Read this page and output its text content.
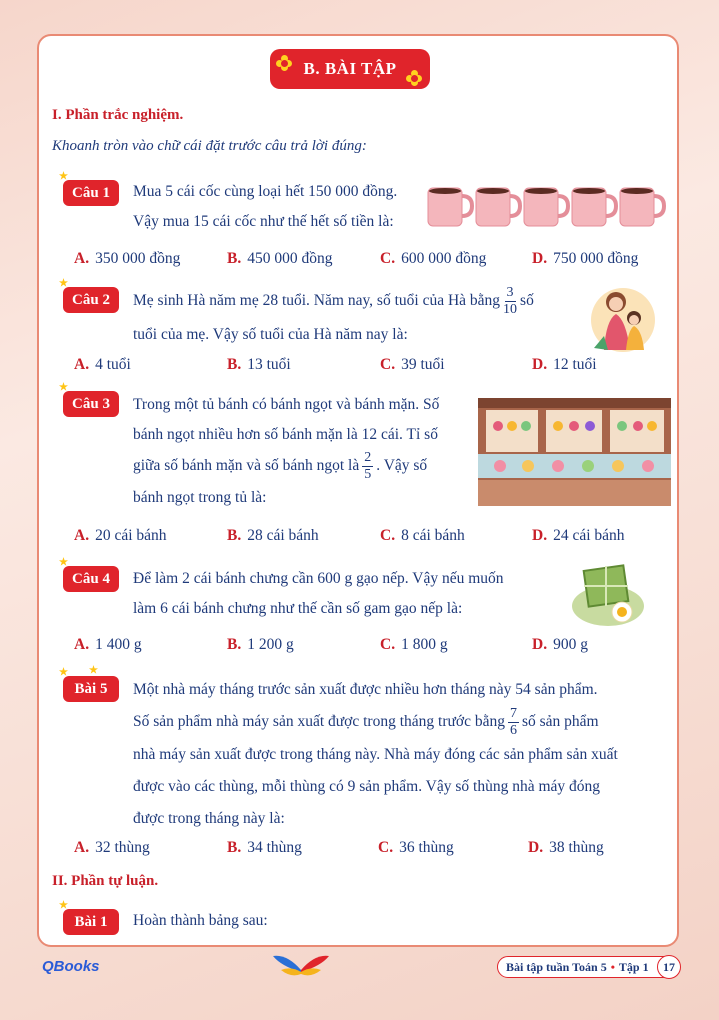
B. BÀI TẬP
I. Phần trắc nghiệm.
Khoanh tròn vào chữ cái đặt trước câu trả lời đúng:
★
Câu 1 Mua 5 cái cốc cùng loại hết 150 000 đồng.
Vậy mua 15 cái cốc như thế hết số tiền là:
A. 350 000 đồng	B. 450 000 đồng	C. 600 000 đồng	D. 750 000 đồng
★
Câu 2 Mẹ sinh Hà năm mẹ 28 tuổi. Năm nay, số tuổi của Hà bằng $\frac{3}{10}$ số
tuổi của mẹ. Vậy số tuổi của Hà năm nay là:
A. 4 tuổi	B. 13 tuổi	C. 39 tuổi	D. 12 tuổi
★
Câu 3 Trong một tủ bánh có bánh ngọt và bánh mặn. Số
bánh ngọt nhiều hơn số bánh mặn là 12 cái. Tỉ số
giữa số bánh mặn và số bánh ngọt là $\frac{2}{5}$ . Vậy số
bánh ngọt trong tủ là:
A. 20 cái bánh	B. 28 cái bánh	C. 8 cái bánh	D. 24 cái bánh
★
Câu 4 Để làm 2 cái bánh chưng cần 600 g gạo nếp. Vậy nếu muốn
làm 6 cái bánh chưng như thế cần số gam gạo nếp là:
A. 1 400 g	B. 1 200 g	C. 1 800 g	D. 900 g
★ ★
Bài 5 Một nhà máy tháng trước sản xuất được nhiều hơn tháng này 54 sản phẩm.
Số sản phẩm nhà máy sản xuất được trong tháng trước bằng $\frac{7}{6}$ số sản phẩm
nhà máy sản xuất được trong tháng này. Nhà máy đóng các sản phẩm sản xuất
được vào các thùng, mỗi thùng có 9 sản phẩm. Vậy số thùng nhà máy đóng
được trong tháng này là:
A. 32 thùng	B. 34 thùng	C. 36 thùng	D. 38 thùng
II. Phần tự luận.
★
Bài 1 Hoàn thành bảng sau:
QBooks	Bài tập tuần Toán 5 • Tập 1	17
